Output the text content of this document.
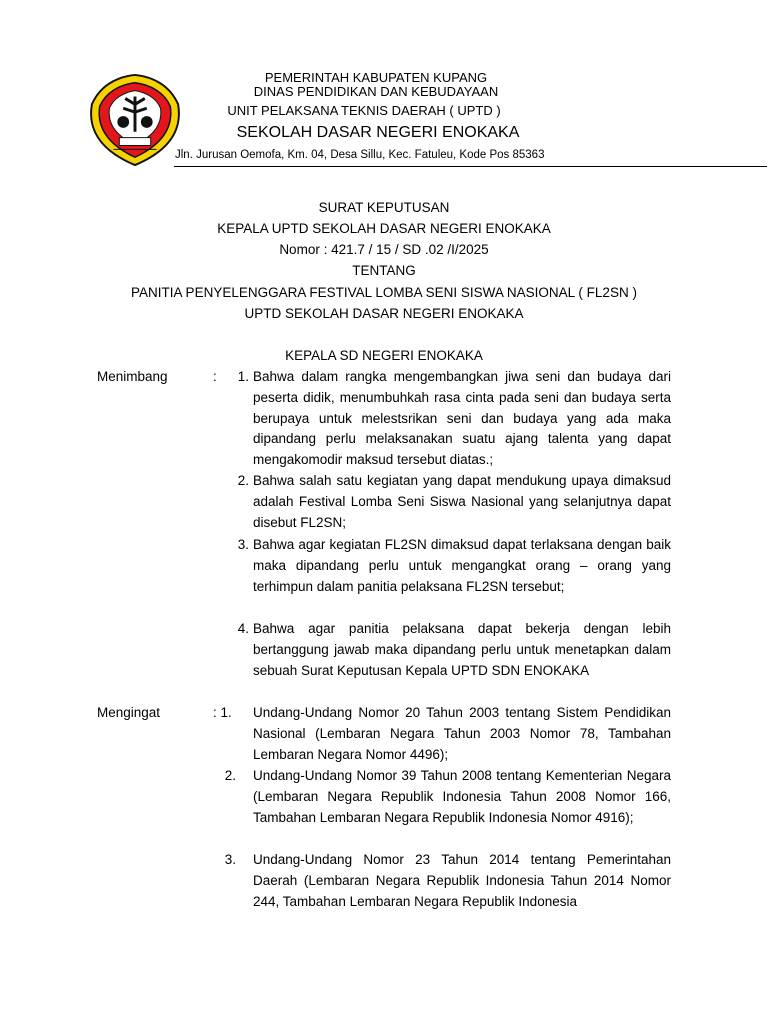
PEMERINTAH KABUPATEN KUPANG
DINAS PENDIDIKAN DAN KEBUDAYAAN
UNIT PELAKSANA TEKNIS DAERAH ( UPTD )
SEKOLAH DASAR NEGERI ENOKAKA
Jln. Jurusan Oemofa, Km. 04, Desa Sillu, Kec. Fatuleu, Kode Pos 85363
SURAT KEPUTUSAN
KEPALA UPTD SEKOLAH DASAR NEGERI ENOKAKA
Nomor : 421.7 / 15 / SD .02 /I/2025
TENTANG
PANITIA PENYELENGGARA FESTIVAL LOMBA SENI SISWA NASIONAL ( FL2SN )
UPTD SEKOLAH DASAR NEGERI ENOKAKA
KEPALA SD NEGERI ENOKAKA
Menimbang	:	1. Bahwa dalam rangka mengembangkan jiwa seni dan budaya dari peserta didik, menumbuhkah rasa cinta pada seni dan budaya serta berupaya untuk melestsrikan seni dan budaya yang ada maka dipandang perlu melaksanakan suatu ajang talenta yang dapat mengakomodir maksud tersebut diatas.;
2. Bahwa salah satu kegiatan yang dapat mendukung upaya dimaksud adalah Festival Lomba Seni Siswa Nasional yang selanjutnya dapat disebut FL2SN;
3. Bahwa agar kegiatan FL2SN dimaksud dapat terlaksana dengan baik maka dipandang perlu untuk mengangkat orang – orang yang terhimpun dalam panitia pelaksana FL2SN tersebut;
4. Bahwa agar panitia pelaksana dapat bekerja dengan lebih bertanggung jawab maka dipandang perlu untuk menetapkan dalam sebuah Surat Keputusan Kepala UPTD SDN ENOKAKA
Mengingat	: 1. Undang-Undang Nomor 20 Tahun 2003 tentang Sistem Pendidikan Nasional (Lembaran Negara Tahun 2003 Nomor 78, Tambahan Lembaran Negara Nomor 4496);
2. Undang-Undang Nomor 39 Tahun 2008 tentang Kementerian Negara (Lembaran Negara Republik Indonesia Tahun 2008 Nomor 166, Tambahan Lembaran Negara Republik Indonesia Nomor 4916);
3. Undang-Undang Nomor 23 Tahun 2014 tentang Pemerintahan Daerah (Lembaran Negara Republik Indonesia Tahun 2014 Nomor 244, Tambahan Lembaran Negara Republik Indonesia
